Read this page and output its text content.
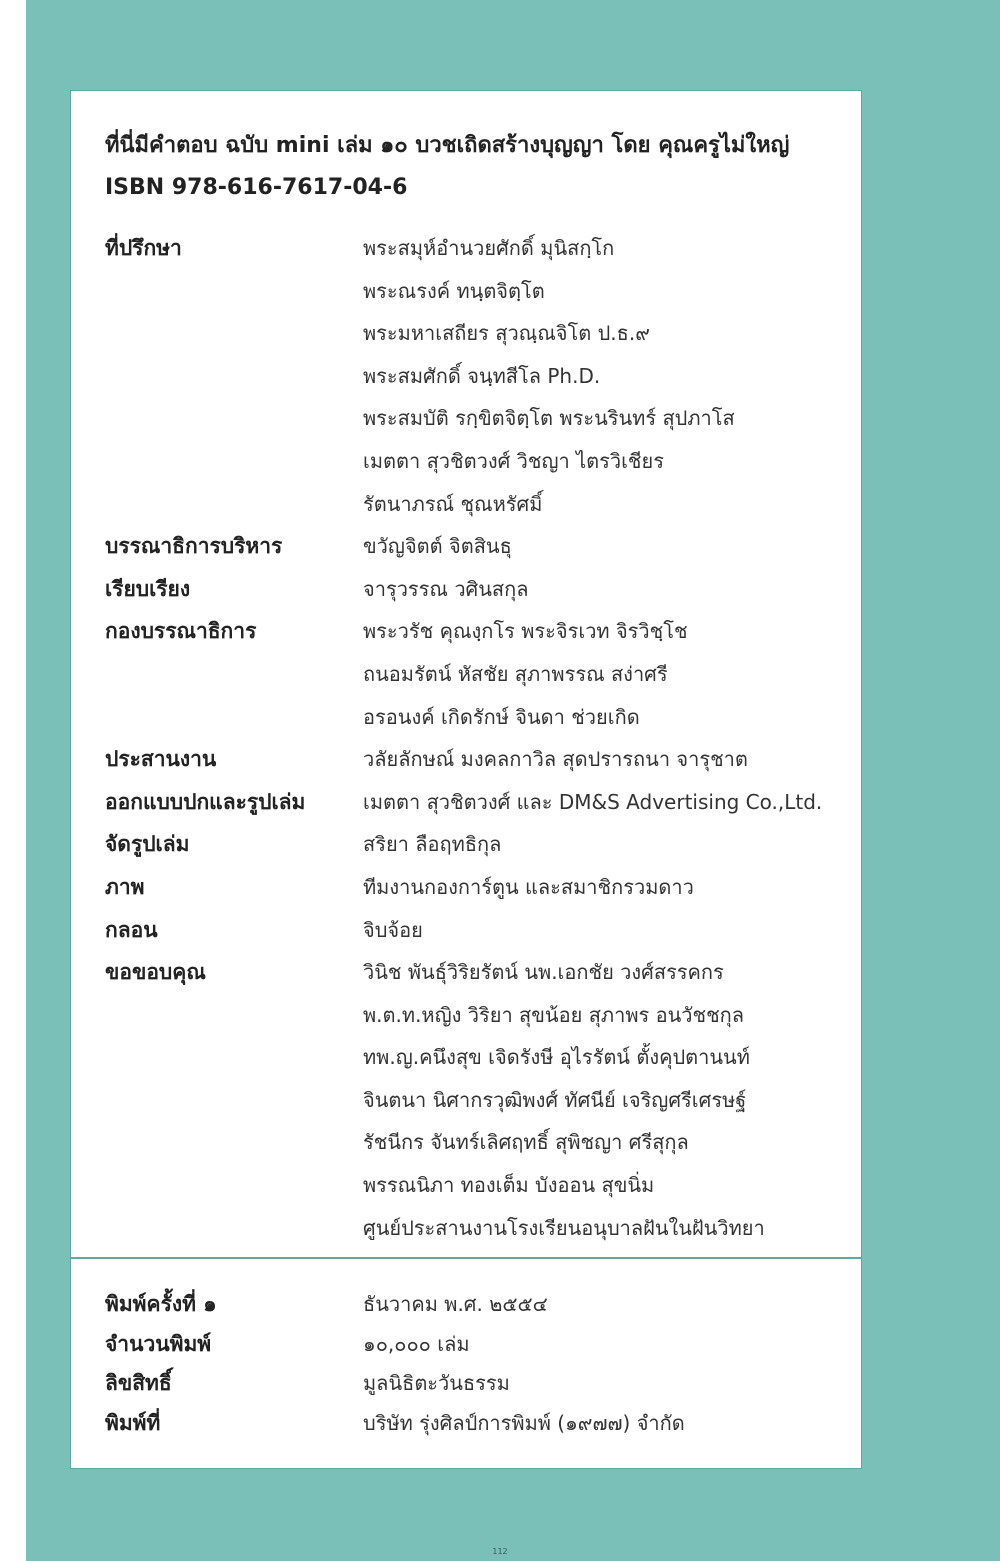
ที่นี่มีคำตอบ ฉบับ mini เล่ม ๑๐ บวชเถิดสร้างบุญญา โดย คุณครูไม่ใหญ่
ISBN 978-616-7617-04-6
ที่ปรึกษา	พระสมุห์อำนวยศักดิ์ มุนิสกฺโก
พระณรงค์ ทนฺตจิตฺโต
พระมหาเสถียร สุวณฺณจิโต ป.ธ.๙
พระสมศักดิ์ จนฺทสีโล Ph.D.
พระสมบัติ รกฺขิตจิตฺโต พระนรินทร์ สุปภาโส
เมตตา สุวชิตวงศ์ วิชญา ไตรวิเชียร
รัตนาภรณ์ ชุณหรัศมิ์
บรรณาธิการบริหาร	ขวัญจิตต์ จิตสินธุ
เรียบเรียง	จารุวรรณ วศินสกุล
กองบรรณาธิการ	พระวรัช คุณงฺกโร พระจิรเวท จิรวิชฺโช
ถนอมรัตน์ หัสชัย สุภาพรรณ สง่าศรี
อรอนงค์ เกิดรักษ์ จินดา ช่วยเกิด
ประสานงาน	วลัยลักษณ์ มงคลกาวิล สุดปรารถนา จารุชาต
ออกแบบปกและรูปเล่ม	เมตตา สุวชิตวงศ์ และ DM&S Advertising Co.,Ltd.
จัดรูปเล่ม	สริยา ลือฤทธิกุล
ภาพ	ทีมงานกองการ์ตูน และสมาชิกรวมดาว
กลอน	จิบจ้อย
ขอขอบคุณ	วินิช พันธุ์วิริยรัตน์ นพ.เอกชัย วงศ์สรรคกร
พ.ต.ท.หญิง วิริยา สุขน้อย สุภาพร อนวัชชกุล
ทพ.ญ.คนึงสุข เจิดรังษี อุไรรัตน์ ตั้งคุปตานนท์
จินตนา นิศากรวุฒิพงศ์ ทัศนีย์ เจริญศรีเศรษฐ์
รัชนีกร จันทร์เลิศฤทธิ์ สุพิชญา ศรีสุกุล
พรรณนิภา ทองเต็ม บังออน สุขนิ่ม
ศูนย์ประสานงานโรงเรียนอนุบาลฝันในฝันวิทยา
พิมพ์ครั้งที่ ๑	ธันวาคม พ.ศ. ๒๕๕๔
จำนวนพิมพ์	๑๐,๐๐๐ เล่ม
ลิขสิทธิ์	มูลนิธิตะวันธรรม
พิมพ์ที่	บริษัท รุ่งศิลป์การพิมพ์ (๑๙๗๗) จำกัด
112
